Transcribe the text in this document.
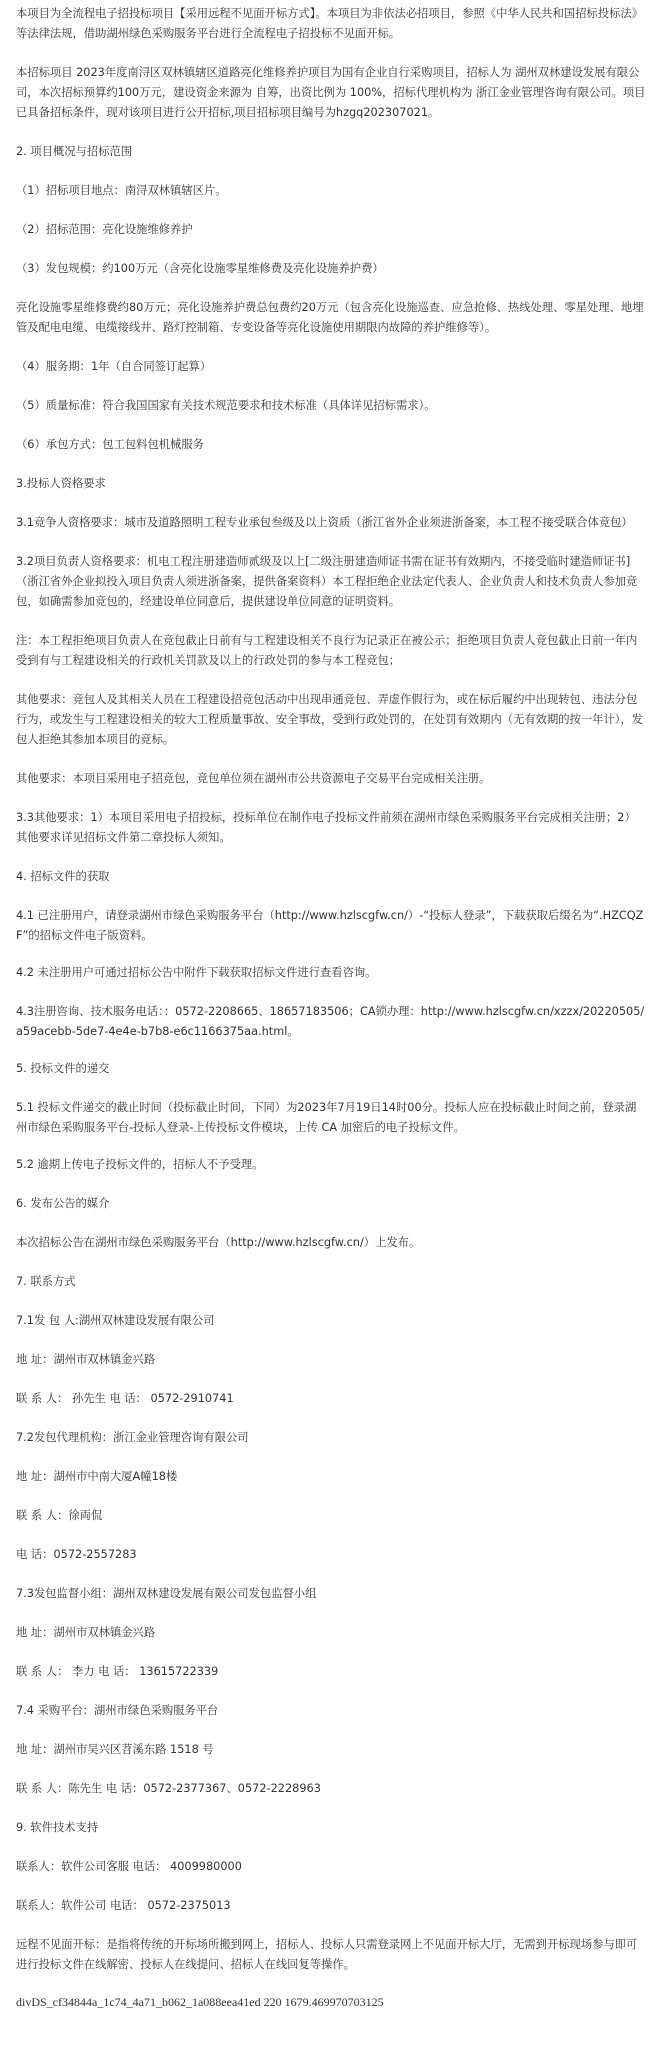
本项目为全流程电子招投标项目【采用远程不见面开标方式】。本项目为非依法必招项目，参照《中华人民共和国招标投标法》等法律法规，借助湖州绿色采购服务平台进行全流程电子招投标不见面开标。

本招标项目 2023年度南浔区双林镇辖区道路亮化维修养护项目为国有企业自行采购项目，招标人为 湖州双林建设发展有限公司，本次招标预算约100万元，建设资金来源为 自筹，出资比例为 100%，招标代理机构为 浙江金业管理咨询有限公司。项目已具备招标条件，现对该项目进行公开招标,项目招标项目编号为hzgq202307021。

2. 项目概况与招标范围

（1）招标项目地点：南浔双林镇辖区片。

（2）招标范围：亮化设施维修养护

（3）发包规模：约100万元（含亮化设施零星维修费及亮化设施养护费）

亮化设施零星维修费约80万元；亮化设施养护费总包费约20万元（包含亮化设施巡查、应急抢修、热线处理、零星处理、地埋管及配电电缆、电缆接线井、路灯控制箱、专变设备等亮化设施使用期限内故障的养护维修等）。

（4）服务期：1年（自合同签订起算）

（5）质量标准：符合我国国家有关技术规范要求和技术标准（具体详见招标需求）。

（6）承包方式：包工包料包机械服务

3.投标人资格要求

3.1竞争人资格要求：城市及道路照明工程专业承包叁级及以上资质（浙江省外企业须进浙备案，本工程不接受联合体竞包）

3.2项目负责人资格要求：机电工程注册建造师贰级及以上[二级注册建造师证书需在证书有效期内，不接受临时建造师证书]（浙江省外企业拟投入项目负责人须进浙备案，提供备案资料）本工程拒绝企业法定代表人、企业负责人和技术负责人参加竞包，如确需参加竞包的，经建设单位同意后，提供建设单位同意的证明资料。

注：本工程拒绝项目负责人在竞包截止日前有与工程建设相关不良行为记录正在被公示；拒绝项目负责人竞包截止日前一年内受到有与工程建设相关的行政机关罚款及以上的行政处罚的参与本工程竞包；

其他要求：竞包人及其相关人员在工程建设招竞包活动中出现串通竞包、弄虚作假行为，或在标后履约中出现转包、违法分包行为，或发生与工程建设相关的较大工程质量事故、安全事故，受到行政处罚的，在处罚有效期内（无有效期的按一年计），发包人拒绝其参加本项目的竞标。

其他要求：本项目采用电子招竞包，竞包单位须在湖州市公共资源电子交易平台完成相关注册。

3.3其他要求：1）本项目采用电子招投标，投标单位在制作电子投标文件前须在湖州市绿色采购服务平台完成相关注册；2）其他要求详见招标文件第二章投标人须知。

4. 招标文件的获取

4.1 已注册用户，请登录湖州市绿色采购服务平台（http://www.hzlscgfw.cn/）-“投标人登录”，下载获取后缀名为“.HZCQZF”的招标文件电子版资料。

4.2 未注册用户可通过招标公告中附件下载获取招标文件进行查看咨询。

4.3注册咨询、技术服务电话：：0572-2208665、18657183506；CA锁办理：http://www.hzlscgfw.cn/xzzx/20220505/a59acebb-5de7-4e4e-b7b8-e6c1166375aa.html。

5. 投标文件的递交

5.1 投标文件递交的截止时间（投标截止时间，下同）为2023年7月19日14时00分。投标人应在投标截止时间之前，登录湖州市绿色采购服务平台-投标人登录-上传投标文件模块，上传 CA 加密后的电子投标文件。

5.2 逾期上传电子投标文件的，招标人不予受理。

6. 发布公告的媒介

本次招标公告在湖州市绿色采购服务平台（http://www.hzlscgfw.cn/）上发布。

7. 联系方式

7.1发 包 人:湖州双林建设发展有限公司

地 址：湖州市双林镇金兴路

联 系 人： 孙先生 电 话： 0572-2910741

7.2发包代理机构：浙江金业管理咨询有限公司

地 址：湖州市中南大厦A幢18楼

联 系 人：徐両侃

电 话：0572-2557283

7.3发包监督小组：湖州双林建设发展有限公司发包监督小组

地 址：湖州市双林镇金兴路

联 系 人： 李力 电 话： 13615722339

7.4 采购平台：湖州市绿色采购服务平台

地 址：湖州市吴兴区苕溪东路 1518 号

联 系 人：陈先生 电 话：0572-2377367、0572-2228963

9. 软件技术支持

联系人：软件公司客服 电话： 4009980000

联系人：软件公司 电话： 0572-2375013

远程不见面开标：是指将传统的开标场所搬到网上，招标人、投标人只需登录网上不见面开标大厅，无需到开标现场参与即可进行投标文件在线解密、投标人在线提问、招标人在线回复等操作。

divDS_cf34844a_1c74_4a71_b062_1a088eea41ed 220 1679.469970703125
